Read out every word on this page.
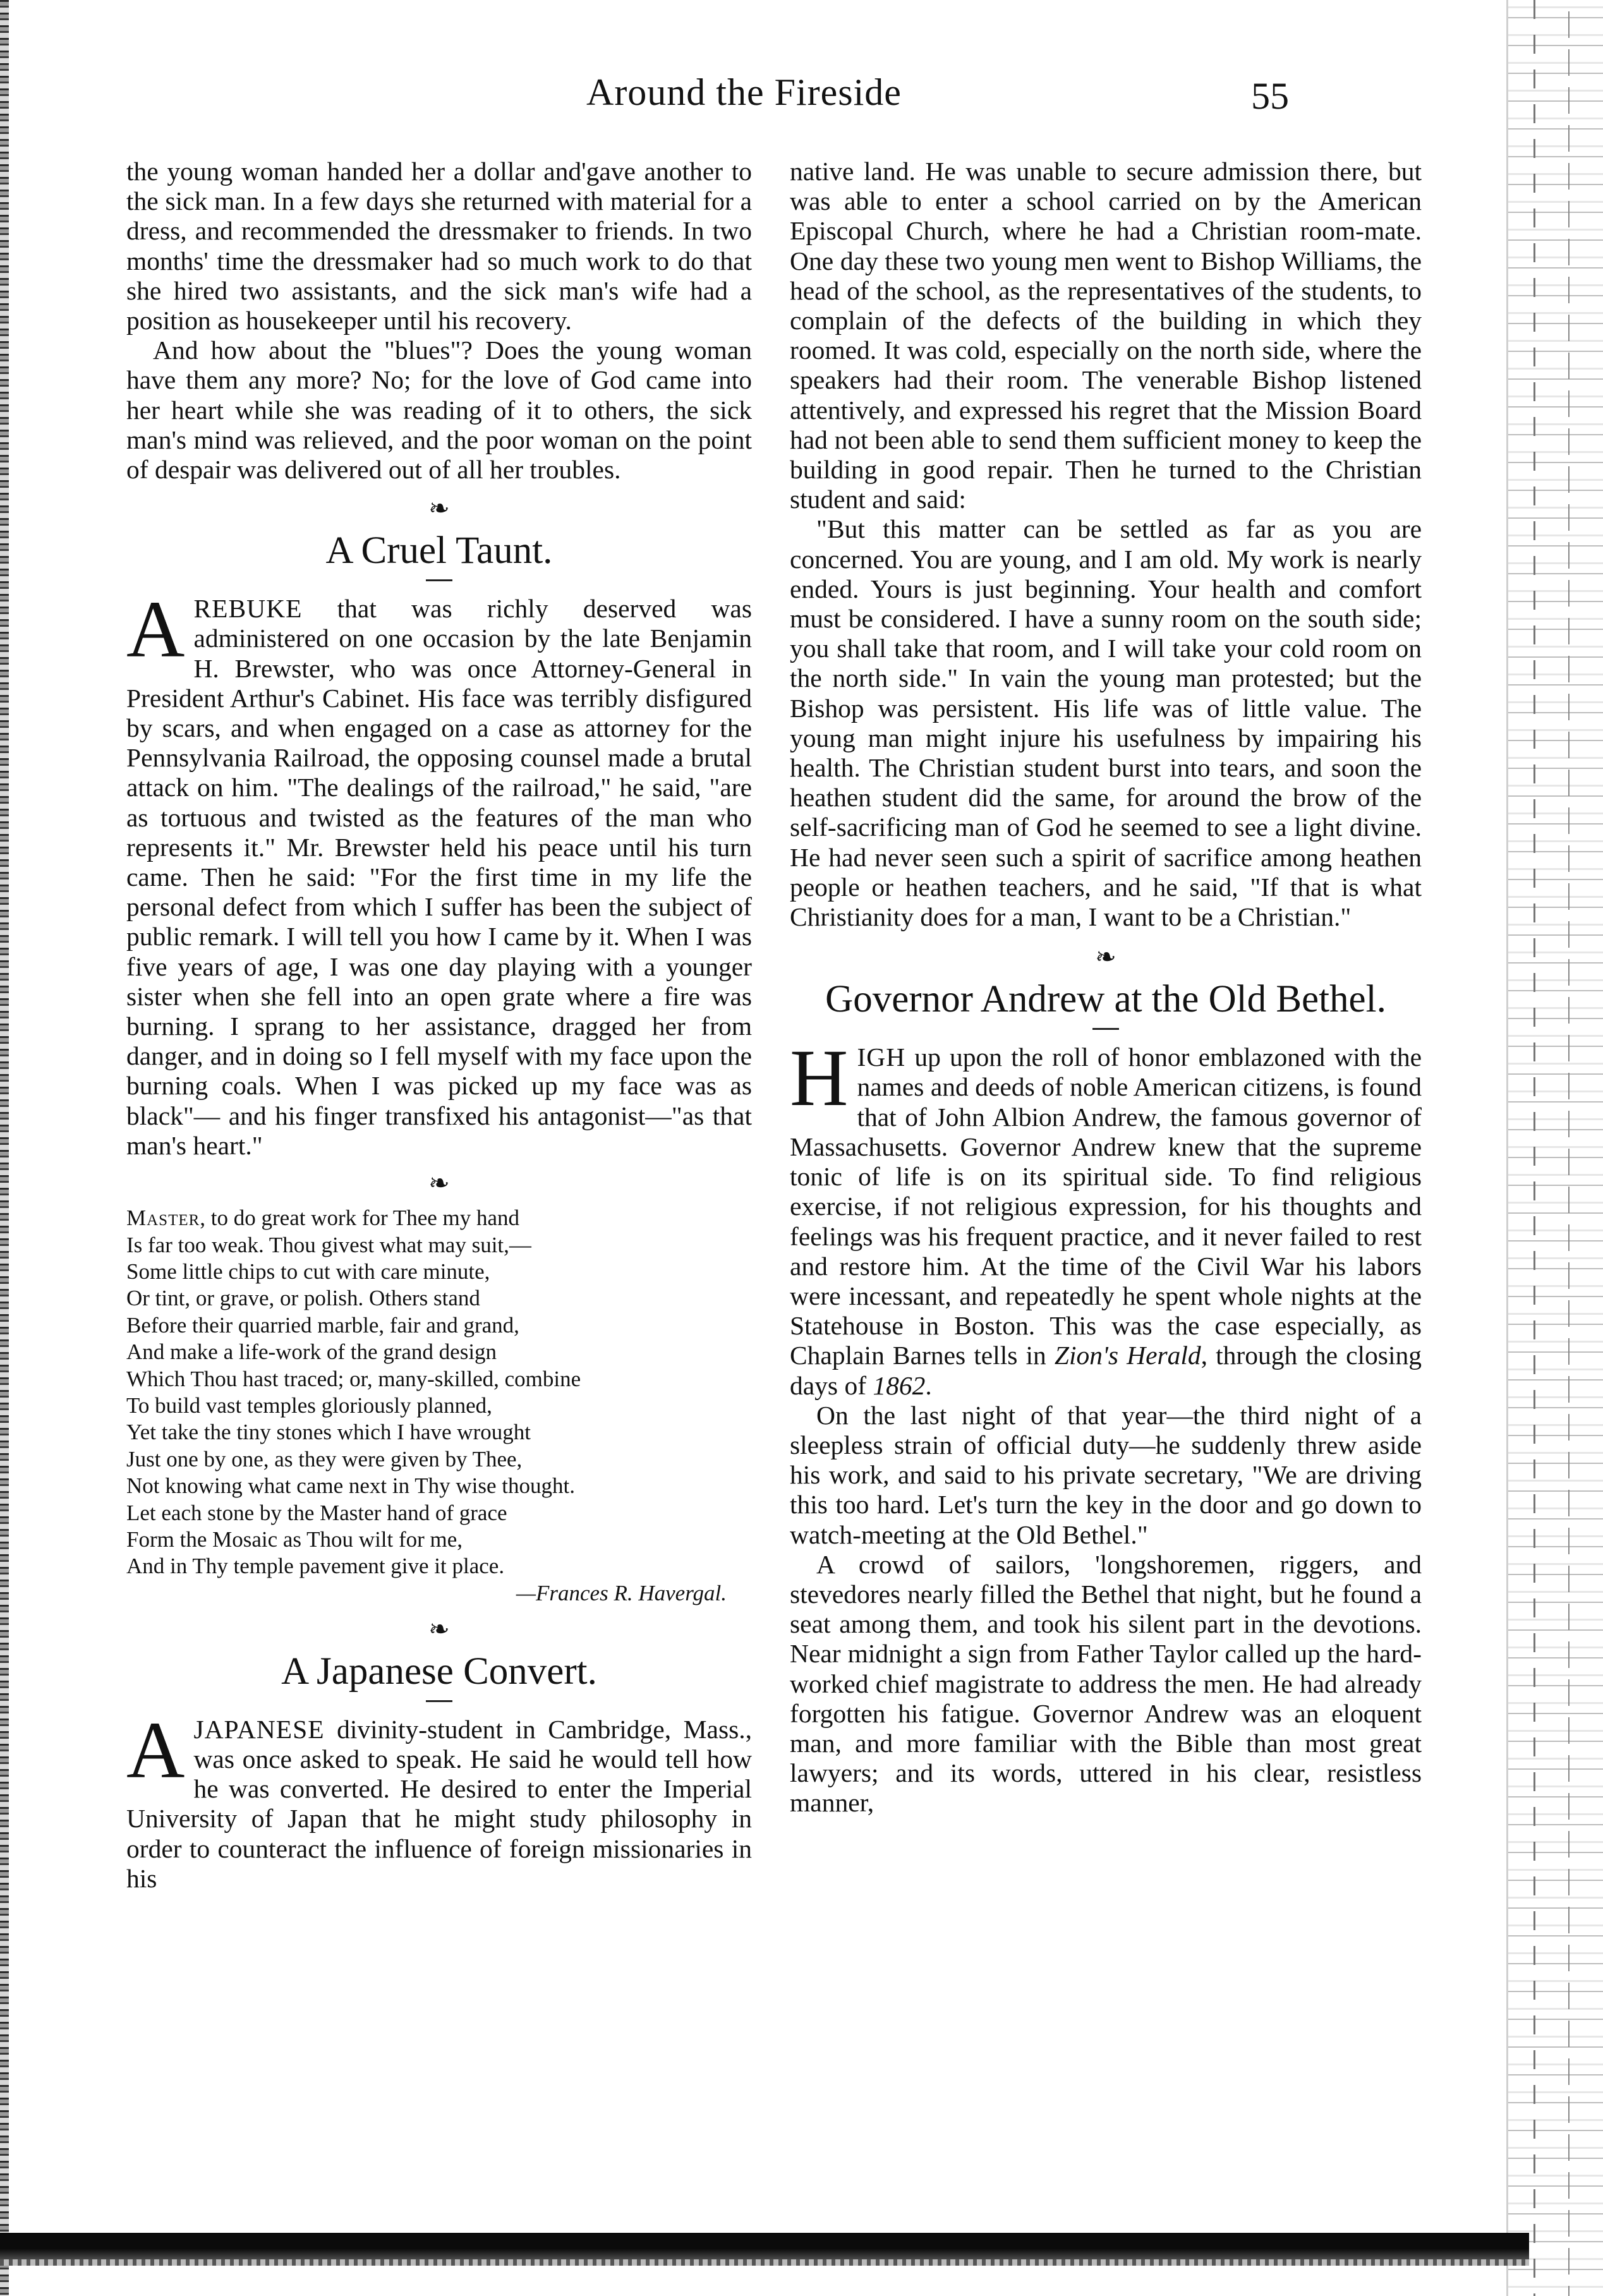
Around the Fireside	55

the young woman handed her a dollar and'gave another to the sick man. In a few days she returned with material for a dress, and recommended the dressmaker to friends. In two months' time the dressmaker had so much work to do that she hired two assistants, and the sick man's wife had a position as housekeeper until his recovery.

And how about the "blues"? Does the young woman have them any more? No; for the love of God came into her heart while she was reading of it to others, the sick man's mind was relieved, and the poor woman on the point of despair was delivered out of all her troubles.

❧
A Cruel Taunt.

AREBUKE that was richly deserved was administered on one occasion by the late Benjamin H. Brewster, who was once Attorney-General in President Arthur's Cabinet. His face was terribly disfigured by scars, and when engaged on a case as attorney for the Pennsylvania Railroad, the opposing counsel made a brutal attack on him. "The dealings of the railroad," he said, "are as tortuous and twisted as the features of the man who represents it." Mr. Brewster held his peace until his turn came. Then he said: "For the first time in my life the personal defect from which I suffer has been the subject of public remark. I will tell you how I came by it. When I was five years of age, I was one day playing with a younger sister when she fell into an open grate where a fire was burning. I sprang to her assistance, dragged her from danger, and in doing so I fell myself with my face upon the burning coals. When I was picked up my face was as black"— and his finger transfixed his antagonist—"as that man's heart."

❧
Master, to do great work for Thee my hand
Is far too weak. Thou givest what may suit,—
Some little chips to cut with care minute,
Or tint, or grave, or polish. Others stand
Before their quarried marble, fair and grand,
And make a life-work of the grand design
Which Thou hast traced; or, many-skilled, combine
To build vast temples gloriously planned,
Yet take the tiny stones which I have wrought
Just one by one, as they were given by Thee,
Not knowing what came next in Thy wise thought.
Let each stone by the Master hand of grace
Form the Mosaic as Thou wilt for me,
And in Thy temple pavement give it place.
—Frances R. Havergal.
❧
A Japanese Convert.

AJAPANESE divinity-student in Cambridge, Mass., was once asked to speak. He said he would tell how he was converted. He desired to enter the Imperial University of Japan that he might study philosophy in order to counteract the influence of foreign missionaries in his

native land. He was unable to secure admission there, but was able to enter a school carried on by the American Episcopal Church, where he had a Christian room-mate. One day these two young men went to Bishop Williams, the head of the school, as the representatives of the students, to complain of the defects of the building in which they roomed. It was cold, especially on the north side, where the speakers had their room. The venerable Bishop listened attentively, and expressed his regret that the Mission Board had not been able to send them sufficient money to keep the building in good repair. Then he turned to the Christian student and said:

"But this matter can be settled as far as you are concerned. You are young, and I am old. My work is nearly ended. Yours is just beginning. Your health and comfort must be considered. I have a sunny room on the south side; you shall take that room, and I will take your cold room on the north side." In vain the young man protested; but the Bishop was persistent. His life was of little value. The young man might injure his usefulness by impairing his health. The Christian student burst into tears, and soon the heathen student did the same, for around the brow of the self-sacrificing man of God he seemed to see a light divine. He had never seen such a spirit of sacrifice among heathen people or heathen teachers, and he said, "If that is what Christianity does for a man, I want to be a Christian."

❧
Governor Andrew at the Old Bethel.

HIGH up upon the roll of honor emblazoned with the names and deeds of noble American citizens, is found that of John Albion Andrew, the famous governor of Massachusetts. Governor Andrew knew that the supreme tonic of life is on its spiritual side. To find religious exercise, if not religious expression, for his thoughts and feelings was his frequent practice, and it never failed to rest and restore him. At the time of the Civil War his labors were incessant, and repeatedly he spent whole nights at the Statehouse in Boston. This was the case especially, as Chaplain Barnes tells in Zion's Herald, through the closing days of 1862.

On the last night of that year—the third night of a sleepless strain of official duty—he suddenly threw aside his work, and said to his private secretary, "We are driving this too hard. Let's turn the key in the door and go down to watch-meeting at the Old Bethel."

A crowd of sailors, 'longshoremen, riggers, and stevedores nearly filled the Bethel that night, but he found a seat among them, and took his silent part in the devotions. Near midnight a sign from Father Taylor called up the hard-worked chief magistrate to address the men. He had already forgotten his fatigue. Governor Andrew was an eloquent man, and more familiar with the Bible than most great lawyers; and its words, uttered in his clear, resistless manner,
